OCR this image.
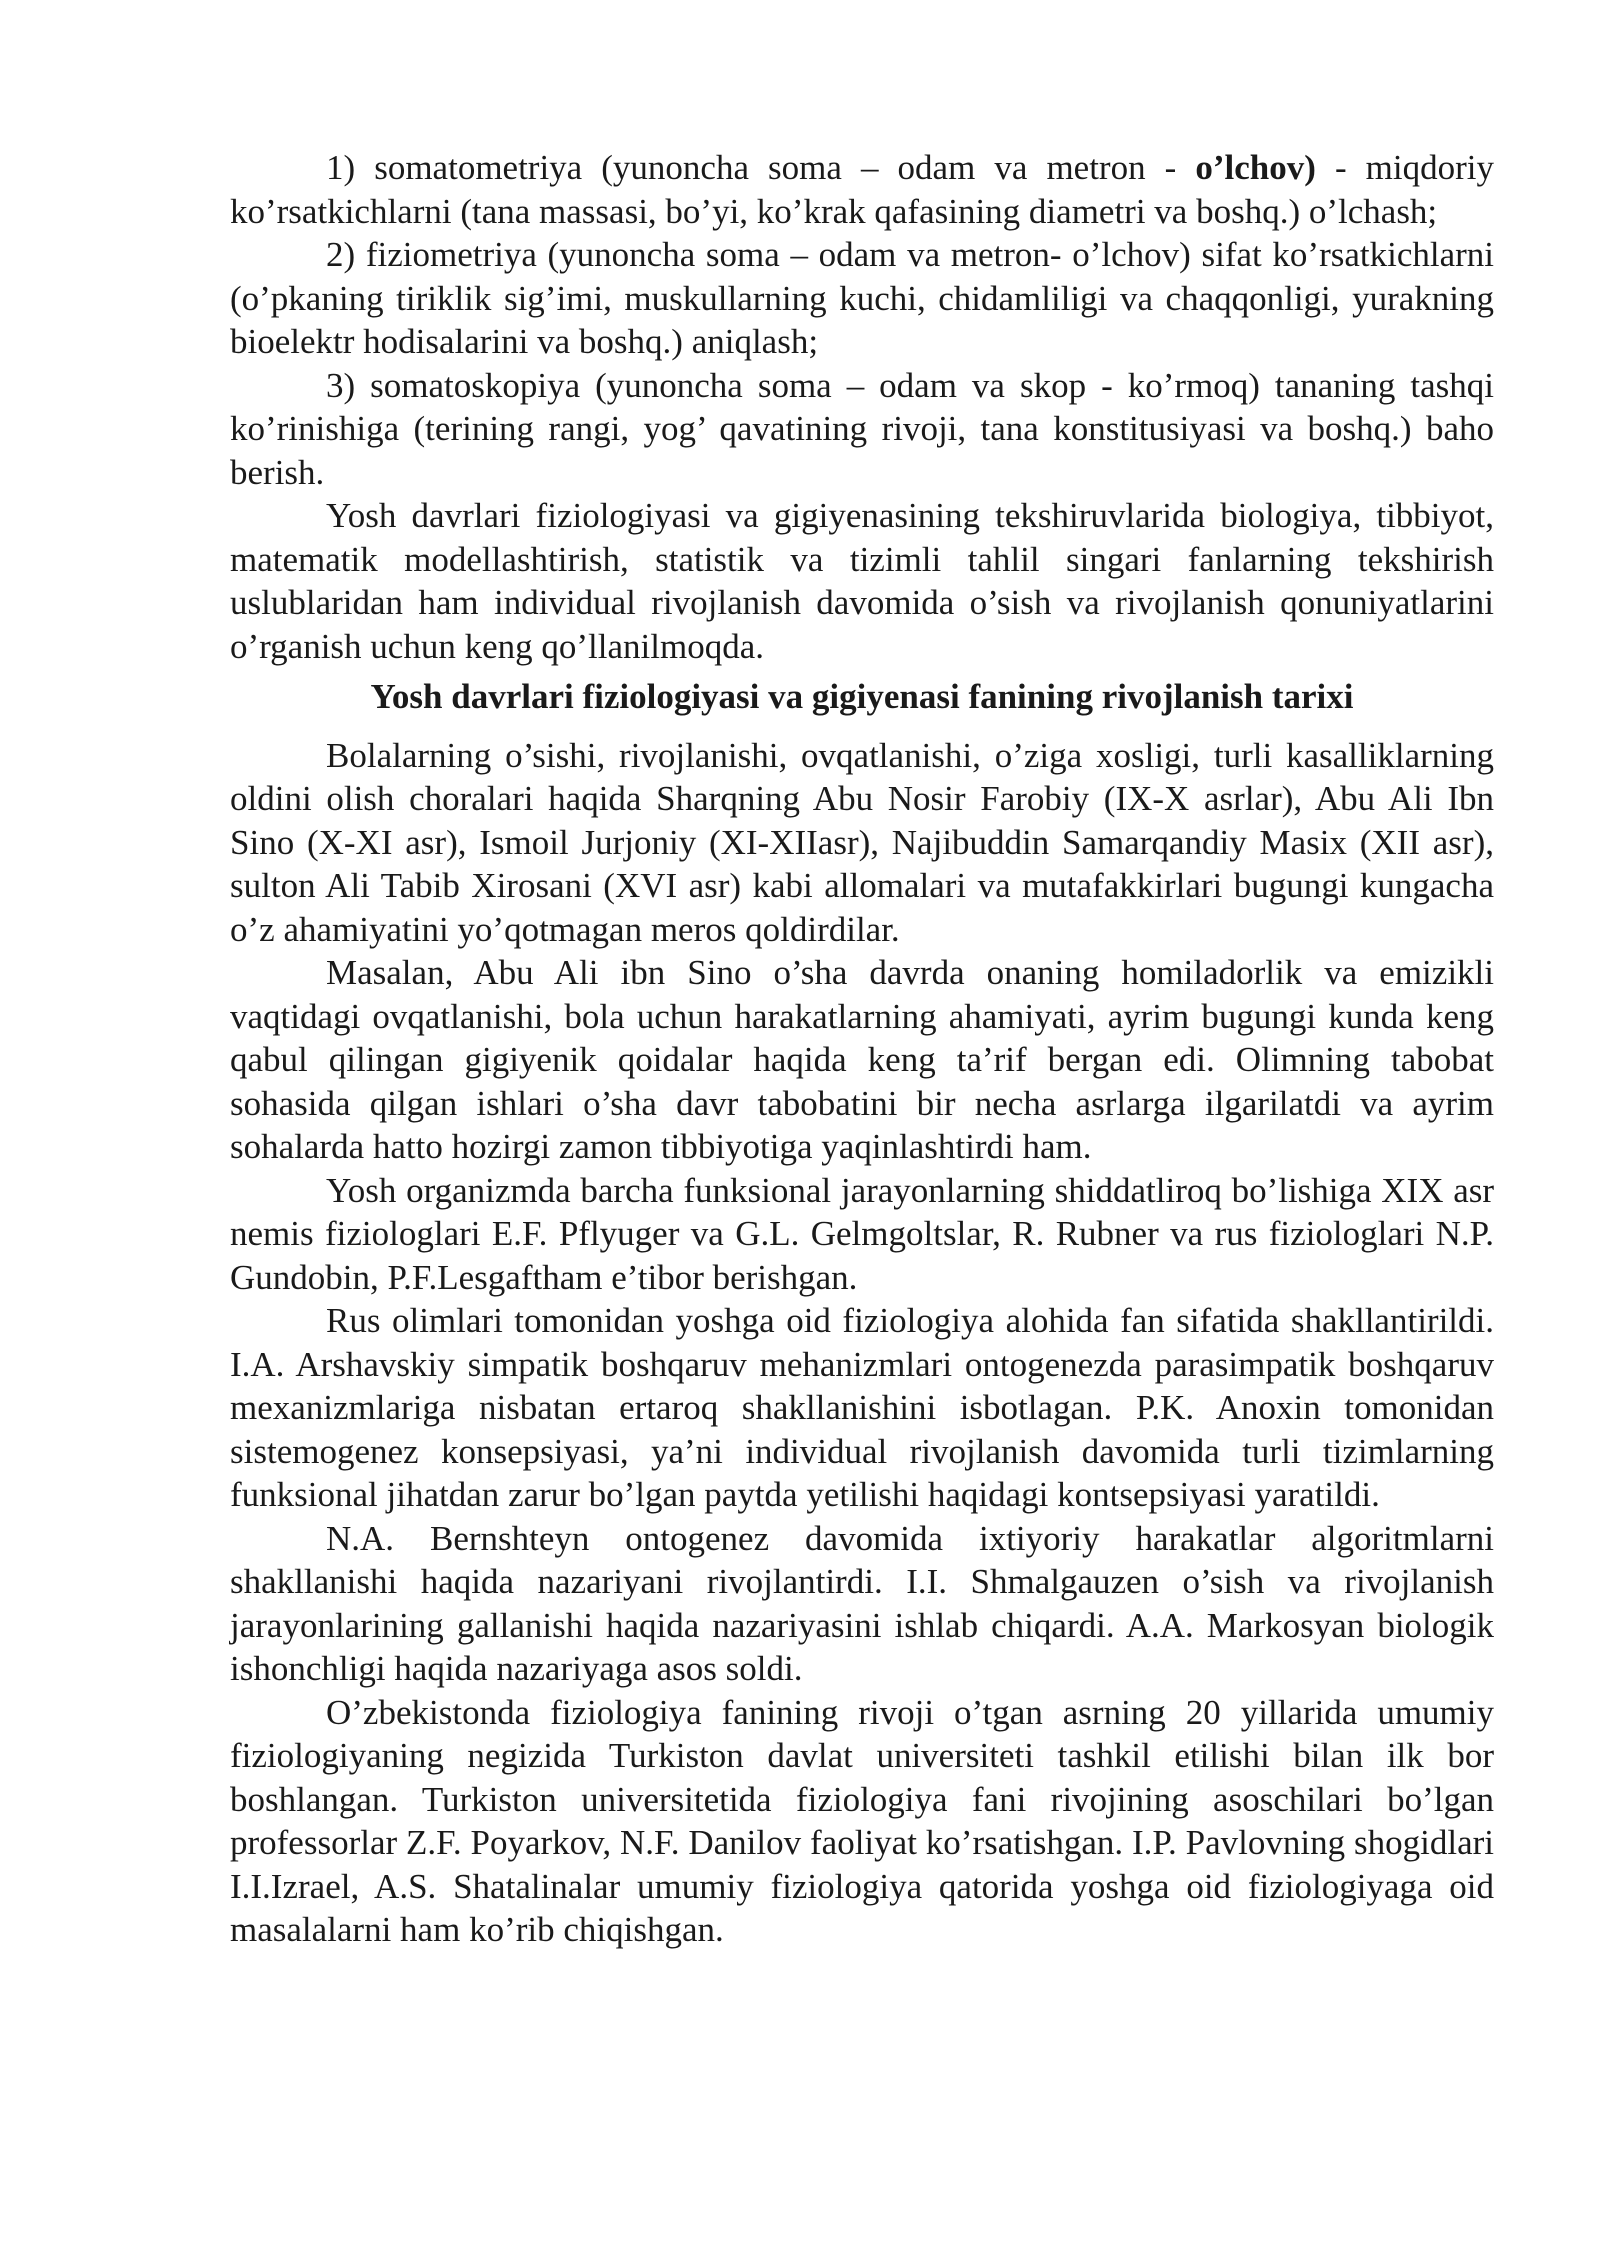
1) somatometriya (yunoncha soma – odam va metron - o’lchov) - miqdoriy ko’rsatkichlarni (tana massasi, bo’yi, ko’krak qafasining diametri va boshq.) o’lchash;

2) fiziometriya (yunoncha soma – odam va metron- o’lchov) sifat ko’rsatkichlarni (o’pkaning tiriklik sig’imi, muskullarning kuchi, chidamliligi va chaqqonligi, yurakning bioelektr hodisalarini va boshq.) aniqlash;

3) somatoskopiya (yunoncha soma – odam va skop - ko’rmoq) tananing tashqi ko’rinishiga (terining rangi, yog’ qavatining rivoji, tana konstitusiyasi va boshq.) baho berish.

Yosh davrlari fiziologiyasi va gigiyenasining tekshiruvlarida biologiya, tibbiyot, matematik modellashtirish, statistik va tizimli tahlil singari fanlarning tekshirish uslublaridan ham individual rivojlanish davomida o’sish va rivojlanish qonuniyatlarini o’rganish uchun keng qo’llanilmoqda.

Yosh davrlari fiziologiyasi va gigiyenasi fanining rivojlanish tarixi

Bolalarning o’sishi, rivojlanishi, ovqatlanishi, o’ziga xosligi, turli kasalliklarning oldini olish choralari haqida Sharqning Abu Nosir Farobiy (IX-X asrlar), Abu Ali Ibn Sino (X-XI asr), Ismoil Jurjoniy (XI-XIIasr), Najibuddin Samarqandiy Masix (XII asr), sulton Ali Tabib Xirosani (XVI asr) kabi allomalari va mutafakkirlari bugungi kungacha o’z ahamiyatini yo’qotmagan meros qoldirdilar.

Masalan, Abu Ali ibn Sino o’sha davrda onaning homiladorlik va emizikli vaqtidagi ovqatlanishi, bola uchun harakatlarning ahamiyati, ayrim bugungi kunda keng qabul qilingan gigiyenik qoidalar haqida keng ta’rif bergan edi. Olimning tabobat sohasida qilgan ishlari o’sha davr tabobatini bir necha asrlarga ilgarilatdi va ayrim sohalarda hatto hozirgi zamon tibbiyotiga yaqinlashtirdi ham.

Yosh organizmda barcha funksional jarayonlarning shiddatliroq bo’lishiga XIX asr nemis fiziologlari E.F. Pflyuger va G.L. Gelmgoltslar, R. Rubner va rus fiziologlari N.P. Gundobin, P.F.Lesgaftham e’tibor berishgan.

Rus olimlari tomonidan yoshga oid fiziologiya alohida fan sifatida shakllantirildi. I.A. Arshavskiy simpatik boshqaruv mehanizmlari ontogenezda parasimpatik boshqaruv mexanizmlariga nisbatan ertaroq shakllanishini isbotlagan. P.K. Anoxin tomonidan sistemogenez konsepsiyasi, ya’ni individual rivojlanish davomida turli tizimlarning funksional jihatdan zarur bo’lgan paytda yetilishi haqidagi kontsepsiyasi yaratildi.

N.A. Bernshteyn ontogenez davomida ixtiyoriy harakatlar algoritmlarni shakllanishi haqida nazariyani rivojlantirdi. I.I. Shmalgauzen o’sish va rivojlanish jarayonlarining gallanishi haqida nazariyasini ishlab chiqardi. A.A. Markosyan biologik ishonchligi haqida nazariyaga asos soldi.

O’zbekistonda fiziologiya fanining rivoji o’tgan asrning 20 yillarida umumiy fiziologiyaning negizida Turkiston davlat universiteti tashkil etilishi bilan ilk bor boshlangan. Turkiston universitetida fiziologiya fani rivojining asoschilari bo’lgan professorlar Z.F. Poyarkov, N.F. Danilov faoliyat ko’rsatishgan. I.P. Pavlovning shogidlari I.I.Izrael, A.S. Shatalinalar umumiy fiziologiya qatorida yoshga oid fiziologiyaga oid masalalarni ham ko’rib chiqishgan.
